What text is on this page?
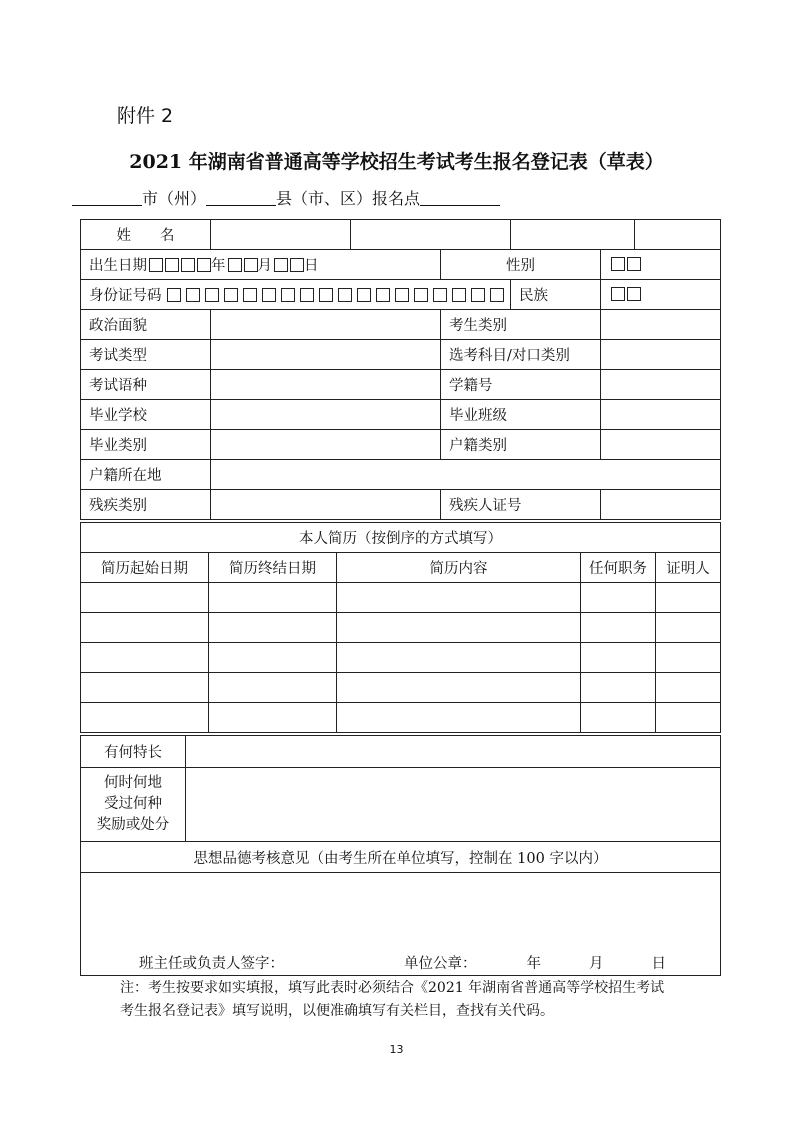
附件 2
2021 年湖南省普通高等学校招生考试考生报名登记表（草表）
市（州）	县（市、区）报名点
姓　　名						
出生日期 年 月 日			性别			
身份证号码				民族		
政治面貌			考生类别			
考试类型			选考科目/对口类别			
考试语种			学籍号			
毕业学校			毕业班级			
毕业类别			户籍类别			
户籍所在地						
残疾类别			残疾人证号			
本人简历（按倒序的方式填写）				
简历起始日期	简历终结日期	简历内容	任何职务	证明人

有何特长	

何时何地
受过何种
奖励或处分	

思想品德考核意见（由考生所在单位填写，控制在 100 字以内）	
班主任或负责人签字： 单位公章： 年 月 日	
注：考生按要求如实填报，填写此表时必须结合《2021 年湖南省普通高等学校招生考试
考生报名登记表》填写说明，以便准确填写有关栏目，查找有关代码。
13
